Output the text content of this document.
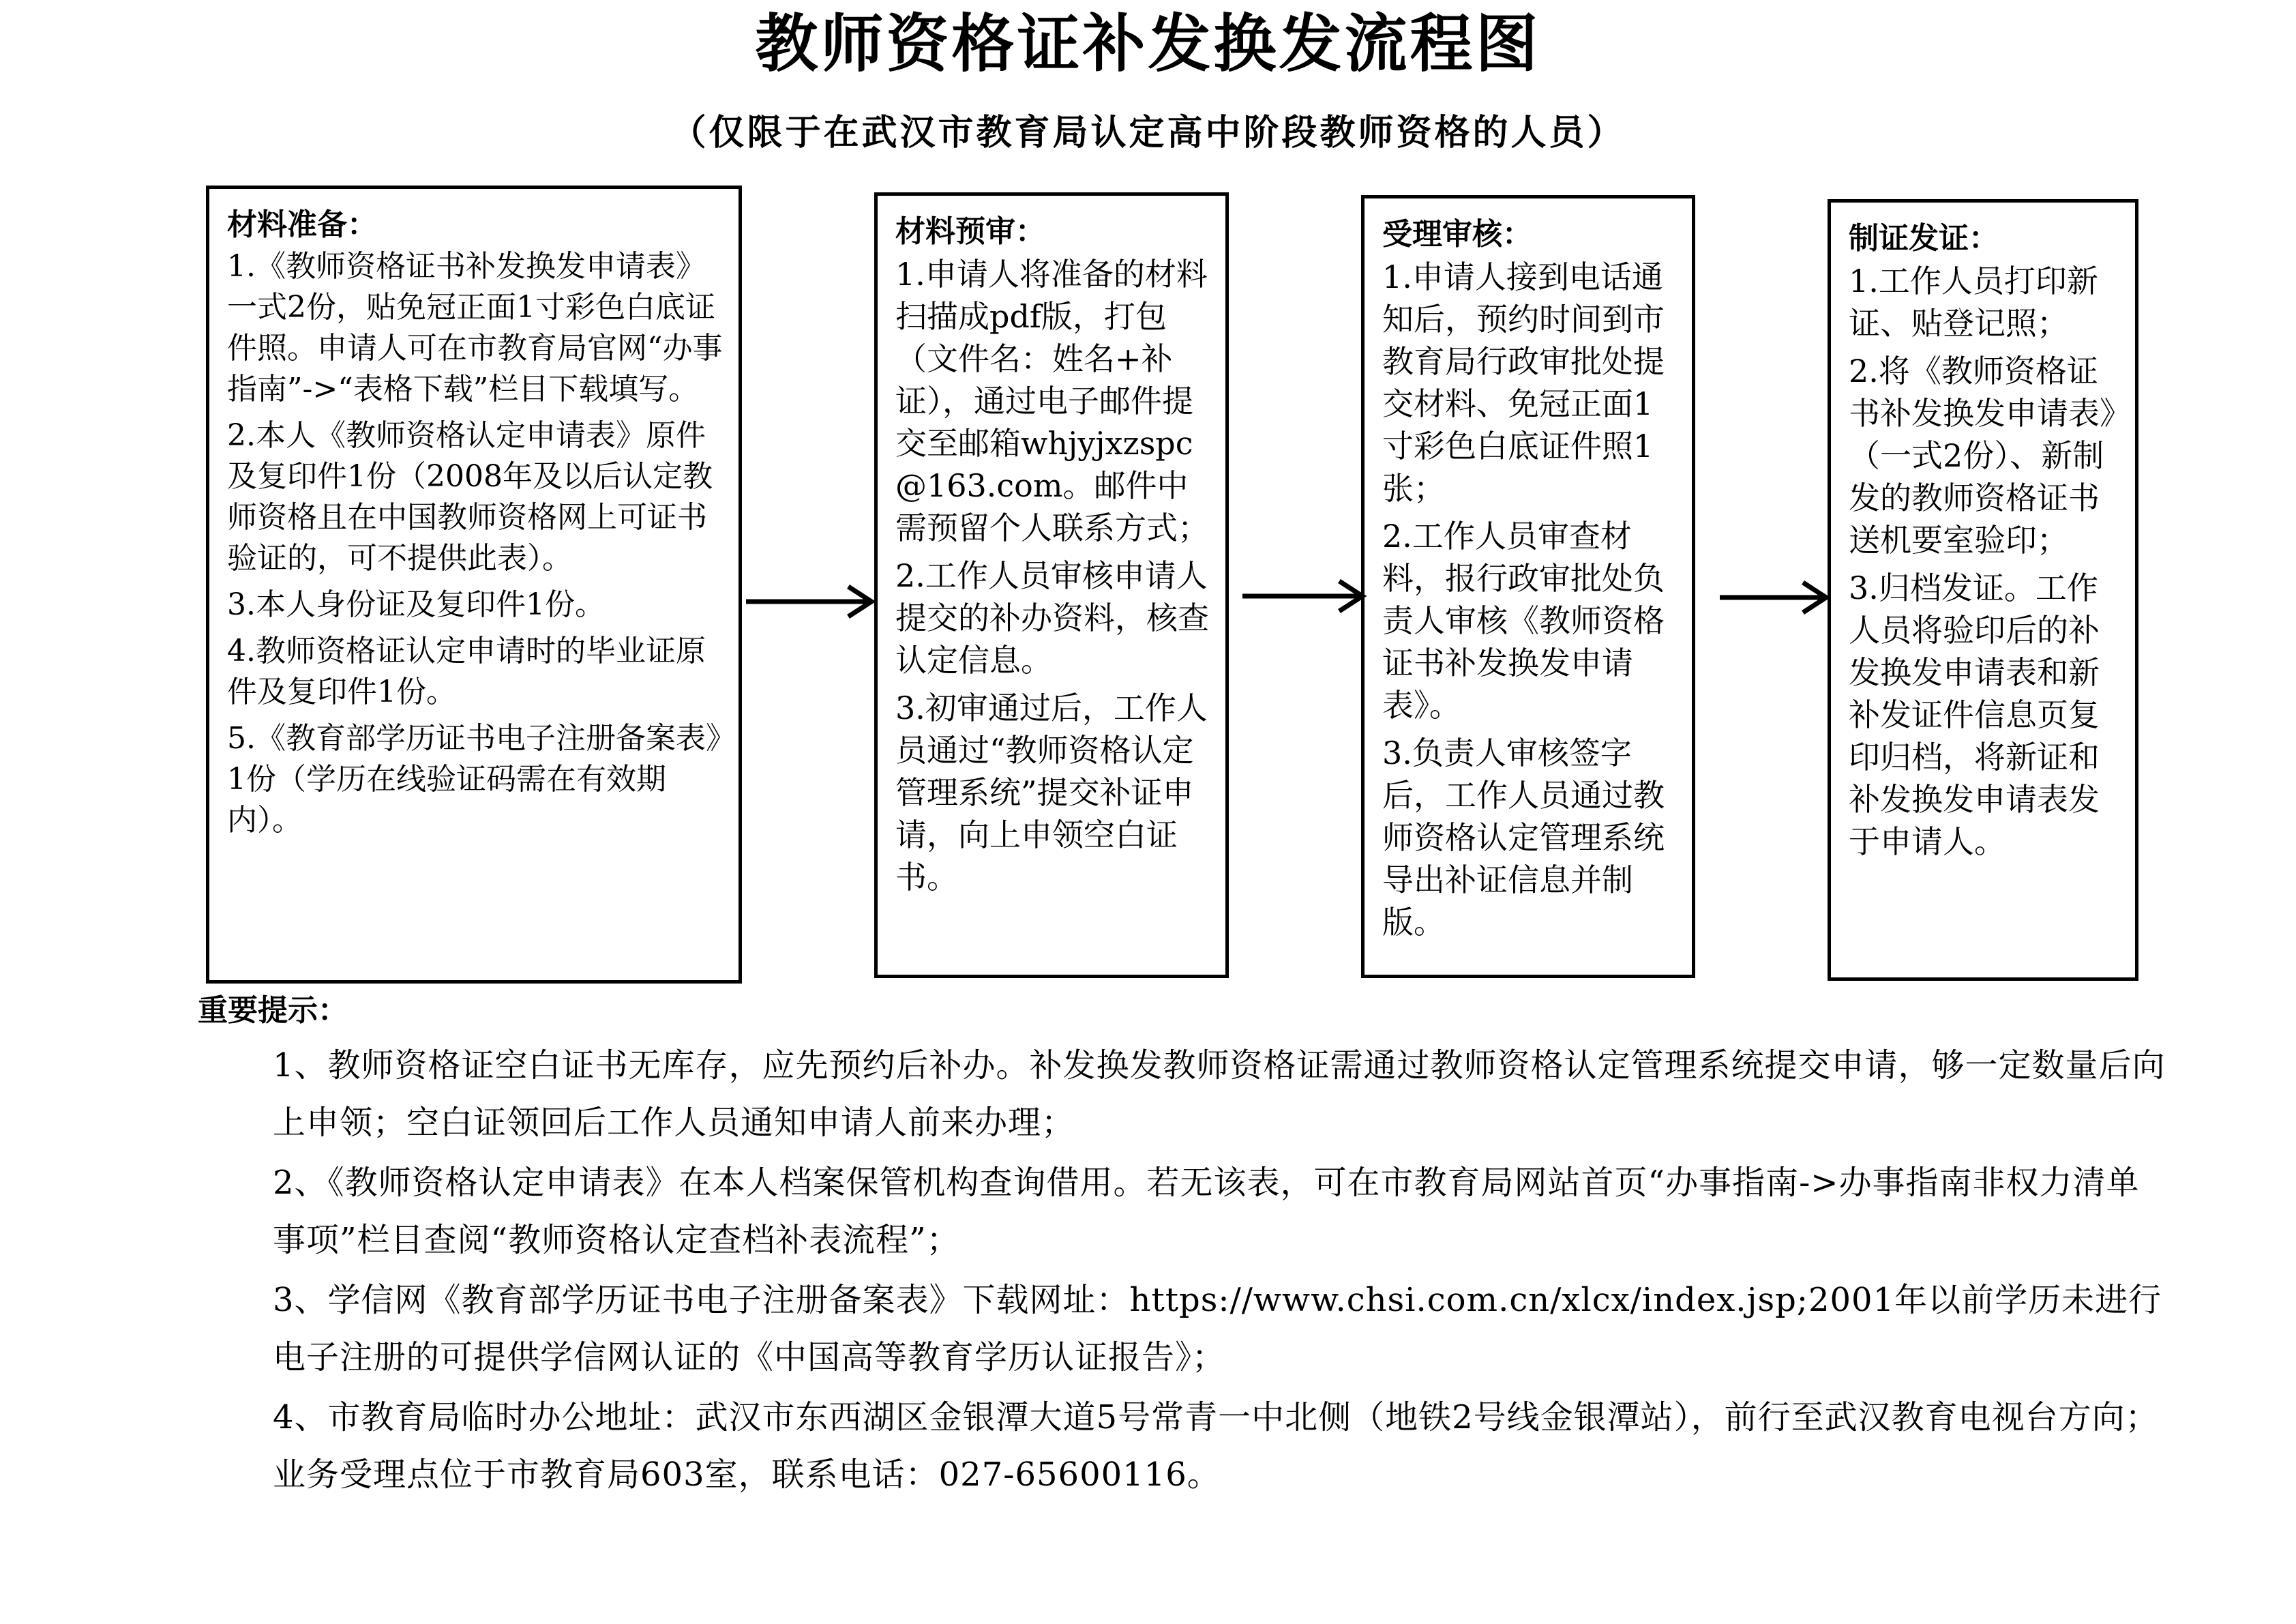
教师资格证补发换发流程图
（仅限于在武汉市教育局认定高中阶段教师资格的人员）
材料准备：
1.《教师资格证书补发换发申请表》一式2份，贴免冠正面1寸彩色白底证件照。申请人可在市教育局官网“办事指南”->“表格下载”栏目下载填写。
2.本人《教师资格认定申请表》原件及复印件1份（2008年及以后认定教师资格且在中国教师资格网上可证书验证的，可不提供此表）。
3.本人身份证及复印件1份。
4.教师资格证认定申请时的毕业证原件及复印件1份。
5.《教育部学历证书电子注册备案表》1份（学历在线验证码需在有效期内）。
材料预审：
1.申请人将准备的材料扫描成pdf版，打包（文件名：姓名+补证），通过电子邮件提交至邮箱whjyjxzspc@163.com。邮件中需预留个人联系方式；
2.工作人员审核申请人提交的补办资料，核查认定信息。
3.初审通过后，工作人员通过“教师资格认定管理系统”提交补证申请，向上申领空白证书。
受理审核：
1.申请人接到电话通知后，预约时间到市教育局行政审批处提交材料、免冠正面1寸彩色白底证件照1张；
2.工作人员审查材料，报行政审批处负责人审核《教师资格证书补发换发申请表》。
3.负责人审核签字后，工作人员通过教师资格认定管理系统导出补证信息并制版。
制证发证：
1.工作人员打印新证、贴登记照；
2.将《教师资格证书补发换发申请表》（一式2份）、新制发的教师资格证书送机要室验印；
3.归档发证。工作人员将验印后的补发换发申请表和新补发证件信息页复印归档，将新证和补发换发申请表发于申请人。
重要提示：
1、教师资格证空白证书无库存，应先预约后补办。补发换发教师资格证需通过教师资格认定管理系统提交申请，够一定数量后向上申领；空白证领回后工作人员通知申请人前来办理；
2、《教师资格认定申请表》在本人档案保管机构查询借用。若无该表，可在市教育局网站首页“办事指南->办事指南非权力清单事项”栏目查阅“教师资格认定查档补表流程”；
3、学信网《教育部学历证书电子注册备案表》下载网址：https://www.chsi.com.cn/xlcx/index.jsp;2001年以前学历未进行电子注册的可提供学信网认证的《中国高等教育学历认证报告》；
4、市教育局临时办公地址：武汉市东西湖区金银潭大道5号常青一中北侧（地铁2号线金银潭站），前行至武汉教育电视台方向；业务受理点位于市教育局603室，联系电话：027-65600116。
